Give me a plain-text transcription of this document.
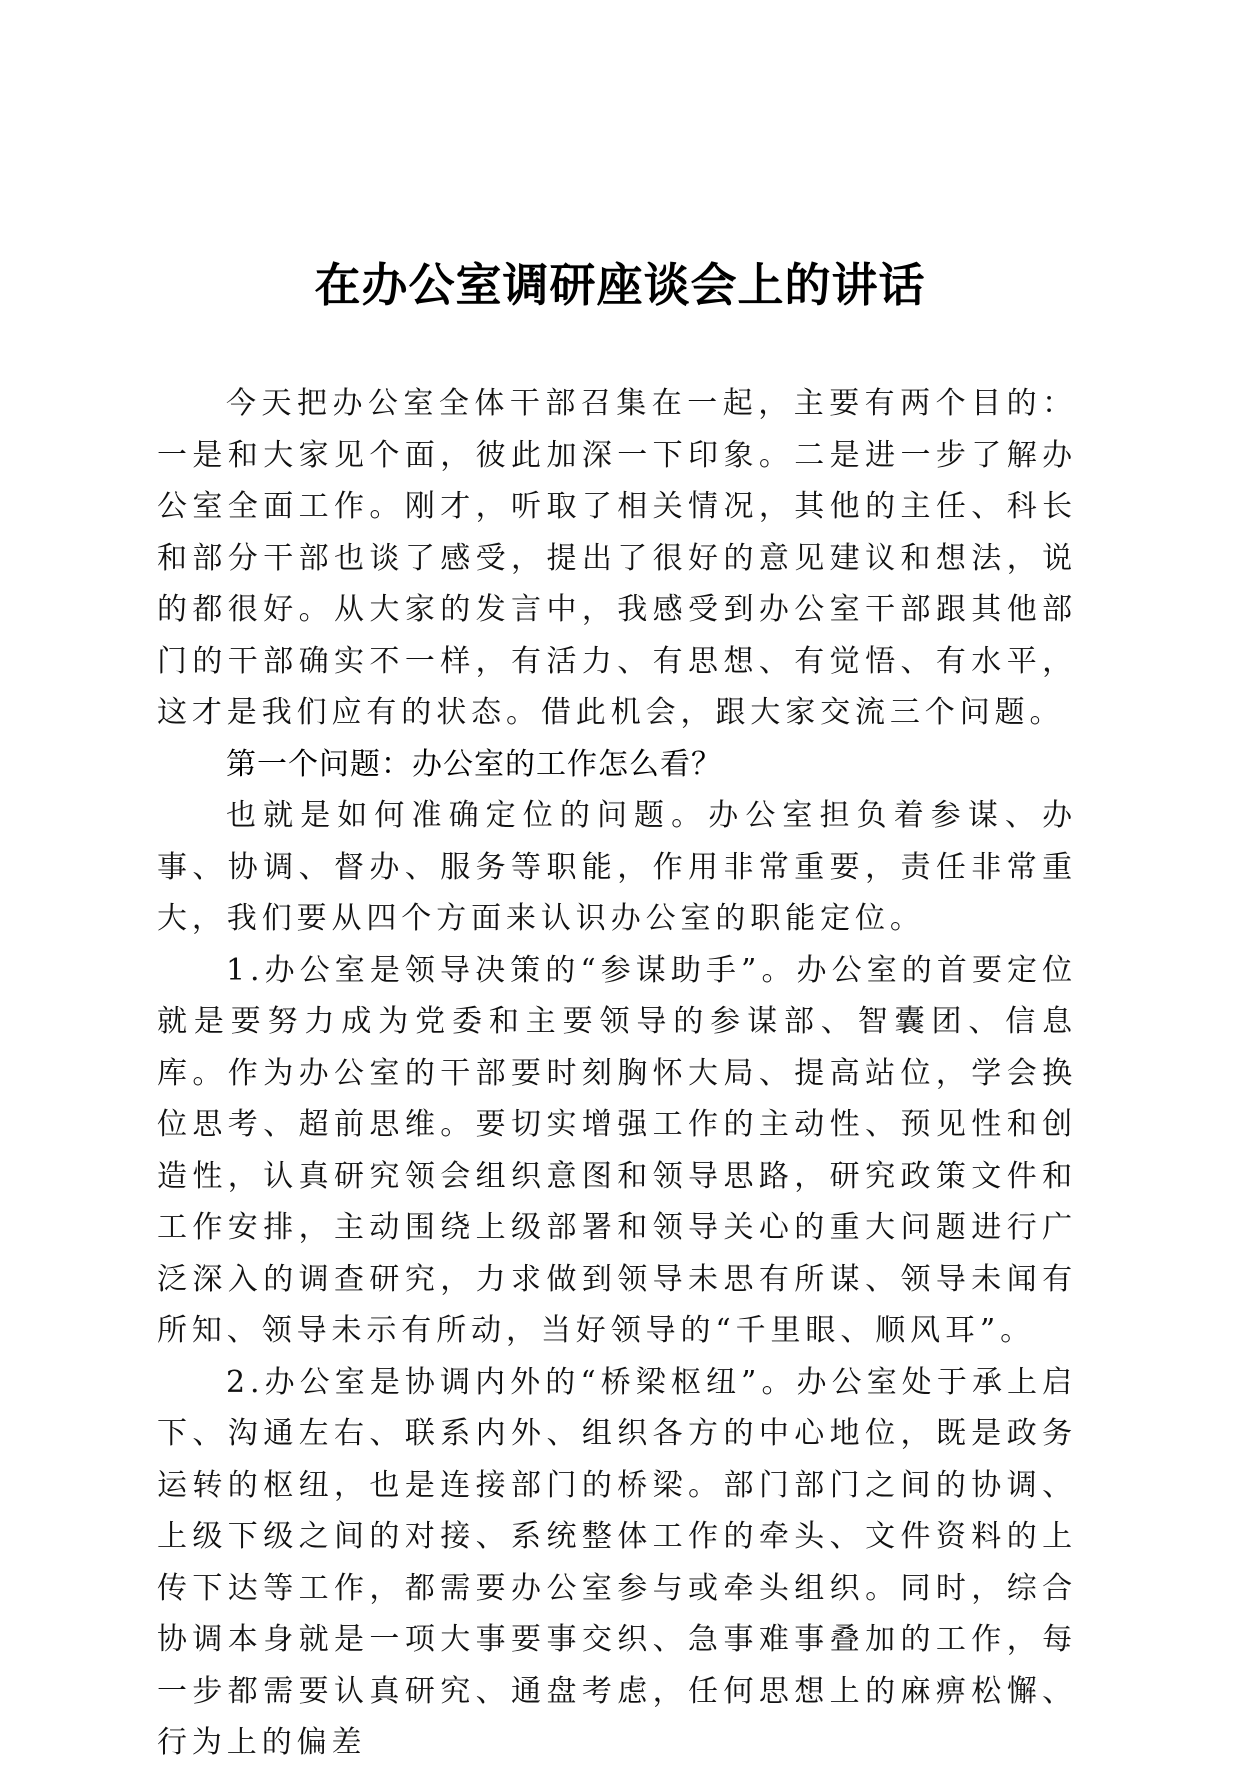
在办公室调研座谈会上的讲话

今天把办公室全体干部召集在一起，主要有两个目的：一是和大家见个面，彼此加深一下印象。二是进一步了解办公室全面工作。刚才，听取了相关情况，其他的主任、科长和部分干部也谈了感受，提出了很好的意见建议和想法，说的都很好。从大家的发言中，我感受到办公室干部跟其他部门的干部确实不一样，有活力、有思想、有觉悟、有水平，这才是我们应有的状态。借此机会，跟大家交流三个问题。

第一个问题：办公室的工作怎么看？

也就是如何准确定位的问题。办公室担负着参谋、办事、协调、督办、服务等职能，作用非常重要，责任非常重大，我们要从四个方面来认识办公室的职能定位。

1.办公室是领导决策的“参谋助手”。办公室的首要定位就是要努力成为党委和主要领导的参谋部、智囊团、信息库。作为办公室的干部要时刻胸怀大局、提高站位，学会换位思考、超前思维。要切实增强工作的主动性、预见性和创造性，认真研究领会组织意图和领导思路，研究政策文件和工作安排，主动围绕上级部署和领导关心的重大问题进行广泛深入的调查研究，力求做到领导未思有所谋、领导未闻有所知、领导未示有所动，当好领导的“千里眼、顺风耳”。

2.办公室是协调内外的“桥梁枢纽”。办公室处于承上启下、沟通左右、联系内外、组织各方的中心地位，既是政务运转的枢纽，也是连接部门的桥梁。部门部门之间的协调、上级下级之间的对接、系统整体工作的牵头、文件资料的上传下达等工作，都需要办公室参与或牵头组织。同时，综合协调本身就是一项大事要事交织、急事难事叠加的工作，每一步都需要认真研究、通盘考虑，任何思想上的麻痹松懈、行为上的偏差
